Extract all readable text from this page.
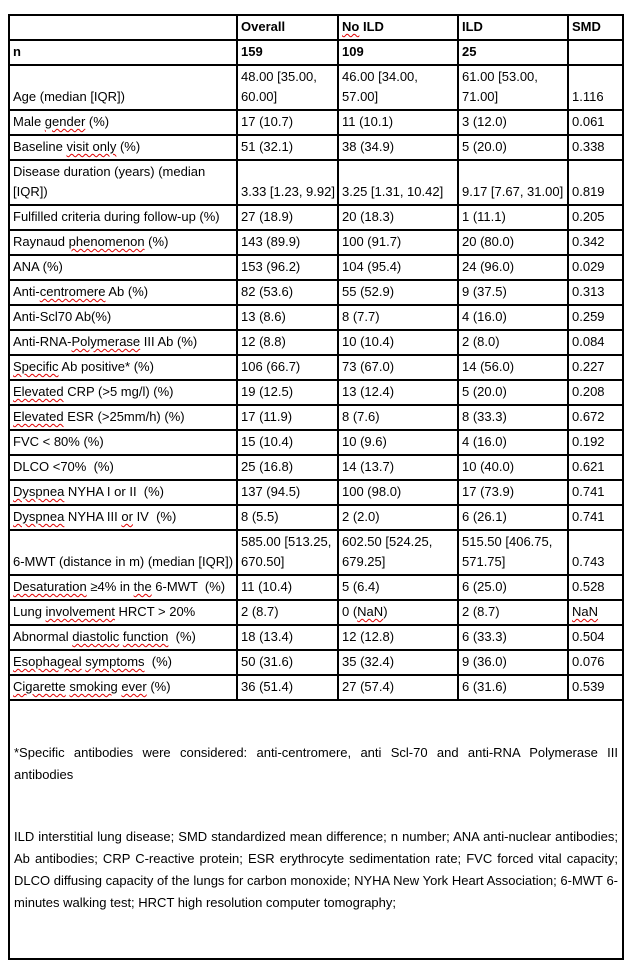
	Overall	No ILD	ILD	SMD
n	159	109	25	
Age (median [IQR])	48.00 [35.00, 60.00]	46.00 [34.00, 57.00]	61.00 [53.00, 71.00]	1.116
Male gender (%)	17 (10.7)	11 (10.1)	3 (12.0)	0.061
Baseline visit only (%)	51 (32.1)	38 (34.9)	5 (20.0)	0.338
Disease duration (years) (median [IQR])	3.33 [1.23, 9.92]	3.25 [1.31, 10.42]	9.17 [7.67, 31.00]	0.819
Fulfilled criteria during follow-up (%)	27 (18.9)	20 (18.3)	1 (11.1)	0.205
Raynaud phenomenon (%)	143 (89.9)	100 (91.7)	20 (80.0)	0.342
ANA (%)	153 (96.2)	104 (95.4)	24 (96.0)	0.029
Anti-centromere Ab (%)	82 (53.6)	55 (52.9)	9 (37.5)	0.313
Anti-Scl70 Ab(%)	13 (8.6)	8 (7.7)	4 (16.0)	0.259
Anti-RNA-Polymerase III Ab (%)	12 (8.8)	10 (10.4)	2 (8.0)	0.084
Specific Ab positive* (%)	106 (66.7)	73 (67.0)	14 (56.0)	0.227
Elevated CRP (>5 mg/l) (%)	19 (12.5)	13 (12.4)	5 (20.0)	0.208
Elevated ESR (>25mm/h) (%)	17 (11.9)	8 (7.6)	8 (33.3)	0.672
FVC < 80% (%)	15 (10.4)	10 (9.6)	4 (16.0)	0.192
DLCO <70%  (%)	25 (16.8)	14 (13.7)	10 (40.0)	0.621
Dyspnea NYHA I or II  (%)	137 (94.5)	100 (98.0)	17 (73.9)	0.741
Dyspnea NYHA III or IV  (%)	8 (5.5)	2 (2.0)	6 (26.1)	0.741
6-MWT (distance in m) (median [IQR])	585.00 [513.25, 670.50]	602.50 [524.25, 679.25]	515.50 [406.75, 571.75]	0.743
Desaturation ≥4% in the 6-MWT  (%)	11 (10.4)	5 (6.4)	6 (25.0)	0.528
Lung involvement HRCT > 20%	2 (8.7)	0 (NaN)	2 (8.7)	NaN
Abnormal diastolic function  (%)	18 (13.4)	12 (12.8)	6 (33.3)	0.504
Esophageal symptoms  (%)	50 (31.6)	35 (32.4)	9 (36.0)	0.076
Cigarette smoking ever (%)	36 (51.4)	27 (57.4)	6 (31.6)	0.539

*Specific antibodies were considered: anti-centromere, anti Scl-70 and anti-RNA Polymerase III antibodies

ILD interstitial lung disease; SMD standardized mean difference; n number; ANA anti-nuclear antibodies; Ab antibodies; CRP C-reactive protein; ESR erythrocyte sedimentation rate; FVC forced vital capacity; DLCO diffusing capacity of the lungs for carbon monoxide; NYHA New York Heart Association; 6-MWT 6-minutes walking test; HRCT high resolution computer tomography;				
